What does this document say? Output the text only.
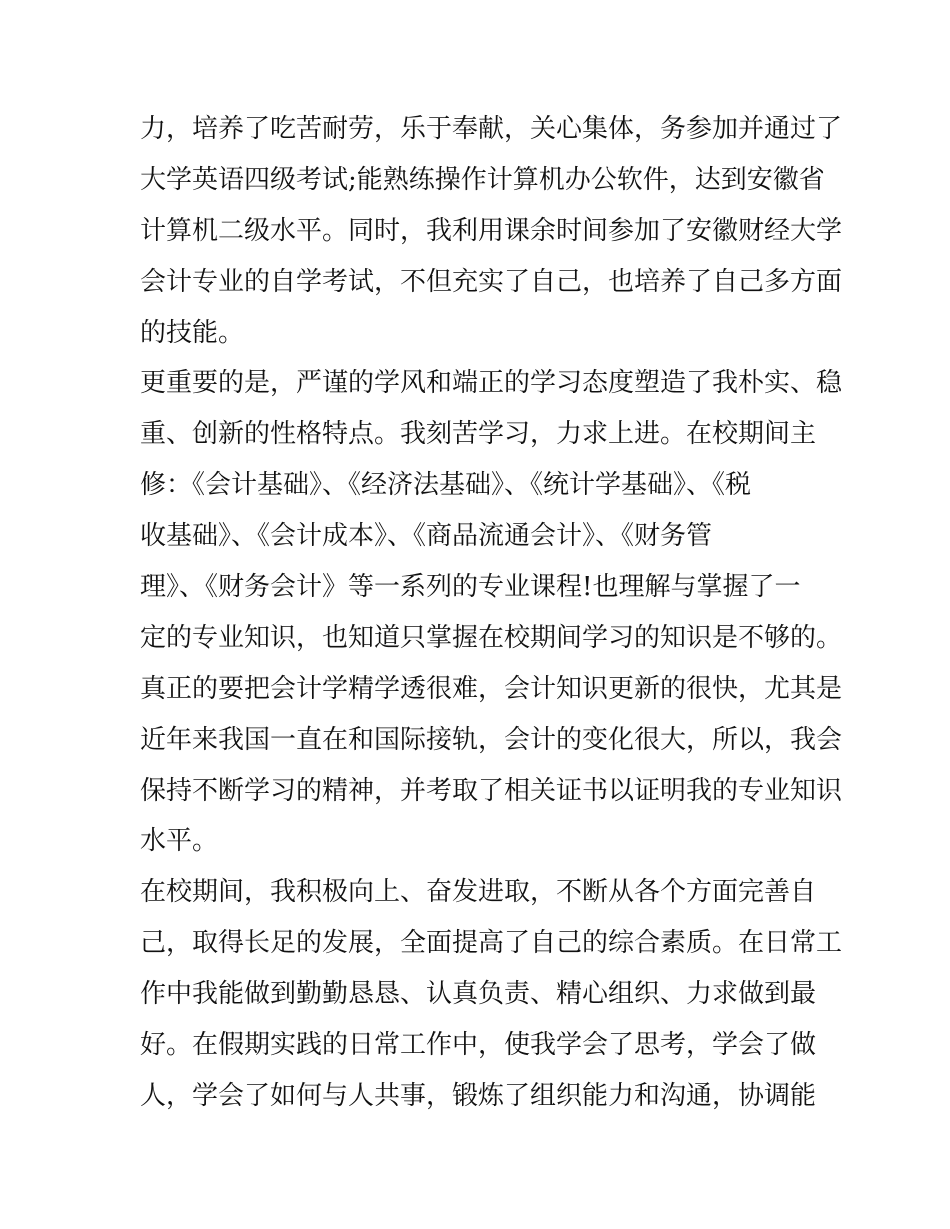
力，培养了吃苦耐劳，乐于奉献，关心集体，务参加并通过了
大学英语四级考试;能熟练操作计算机办公软件，达到安徽省
计算机二级水平。同时，我利用课余时间参加了安徽财经大学
会计专业的自学考试，不但充实了自己，也培养了自己多方面
的技能。
更重要的是，严谨的学风和端正的学习态度塑造了我朴实、稳
重、创新的性格特点。我刻苦学习，力求上进。在校期间主
修：《会计基础》、《经济法基础》、《统计学基础》、《税
收基础》、《会计成本》、《商品流通会计》、《财务管
理》、《财务会计》等一系列的专业课程!也理解与掌握了一
定的专业知识，也知道只掌握在校期间学习的知识是不够的。
真正的要把会计学精学透很难，会计知识更新的很快，尤其是
近年来我国一直在和国际接轨，会计的变化很大，所以，我会
保持不断学习的精神，并考取了相关证书以证明我的专业知识
水平。
在校期间，我积极向上、奋发进取，不断从各个方面完善自
己，取得长足的发展，全面提高了自己的综合素质。在日常工
作中我能做到勤勤恳恳、认真负责、精心组织、力求做到最
好。在假期实践的日常工作中，使我学会了思考，学会了做
人，学会了如何与人共事，锻炼了组织能力和沟通，协调能
